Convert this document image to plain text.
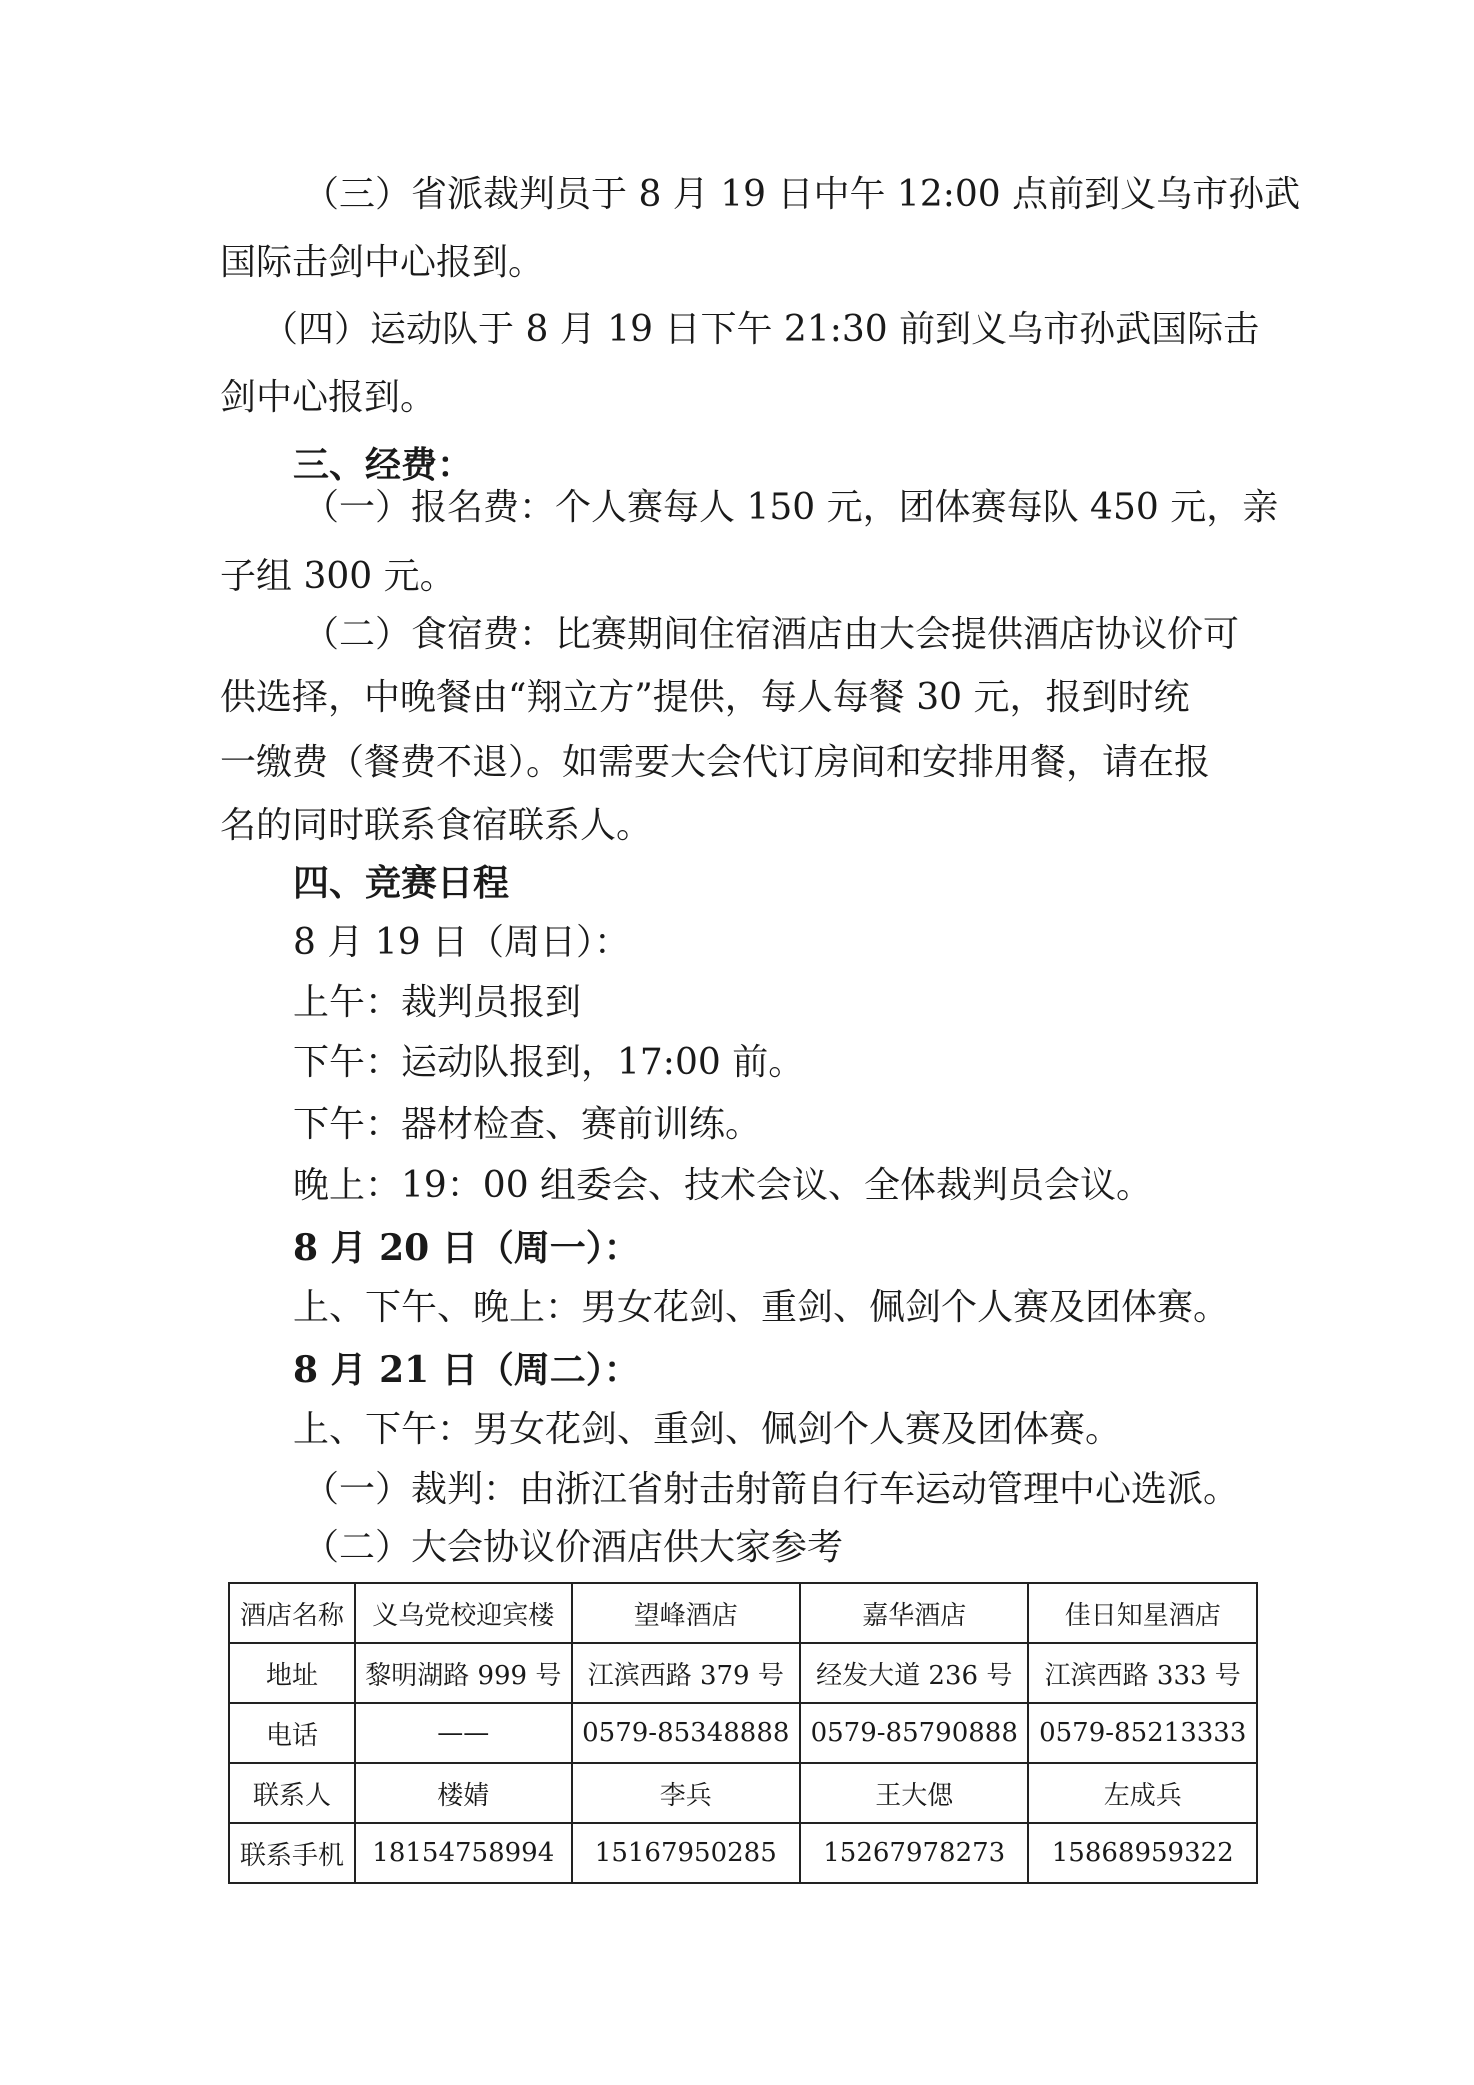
（三）省派裁判员于 8 月 19 日中午 12:00 点前到义乌市孙武
国际击剑中心报到。
（四）运动队于 8 月 19 日下午 21:30 前到义乌市孙武国际击
剑中心报到。
三、经费：
（一）报名费：个人赛每人 150 元，团体赛每队 450 元，亲
子组 300 元。
（二）食宿费：比赛期间住宿酒店由大会提供酒店协议价可
供选择，中晚餐由“翔立方”提供，每人每餐 30 元，报到时统
一缴费（餐费不退）。如需要大会代订房间和安排用餐，请在报
名的同时联系食宿联系人。
四、竞赛日程
8 月 19 日（周日）：
上午：裁判员报到
下午：运动队报到，17:00 前。
下午：器材检查、赛前训练。
晚上：19：00 组委会、技术会议、全体裁判员会议。
8 月 20 日（周一）：
上、下午、晚上：男女花剑、重剑、佩剑个人赛及团体赛。
8 月 21 日（周二）：
上、下午：男女花剑、重剑、佩剑个人赛及团体赛。
（一）裁判：由浙江省射击射箭自行车运动管理中心选派。
（二）大会协议价酒店供大家参考
酒店名称	义乌党校迎宾楼	望峰酒店	嘉华酒店	佳日知星酒店
地址	黎明湖路 999 号	江滨西路 379 号	经发大道 236 号	江滨西路 333 号
电话	——	0579-85348888	0579-85790888	0579-85213333
联系人	楼婧	李兵	王大偲	左成兵
联系手机	18154758994	15167950285	15267978273	15868959322
